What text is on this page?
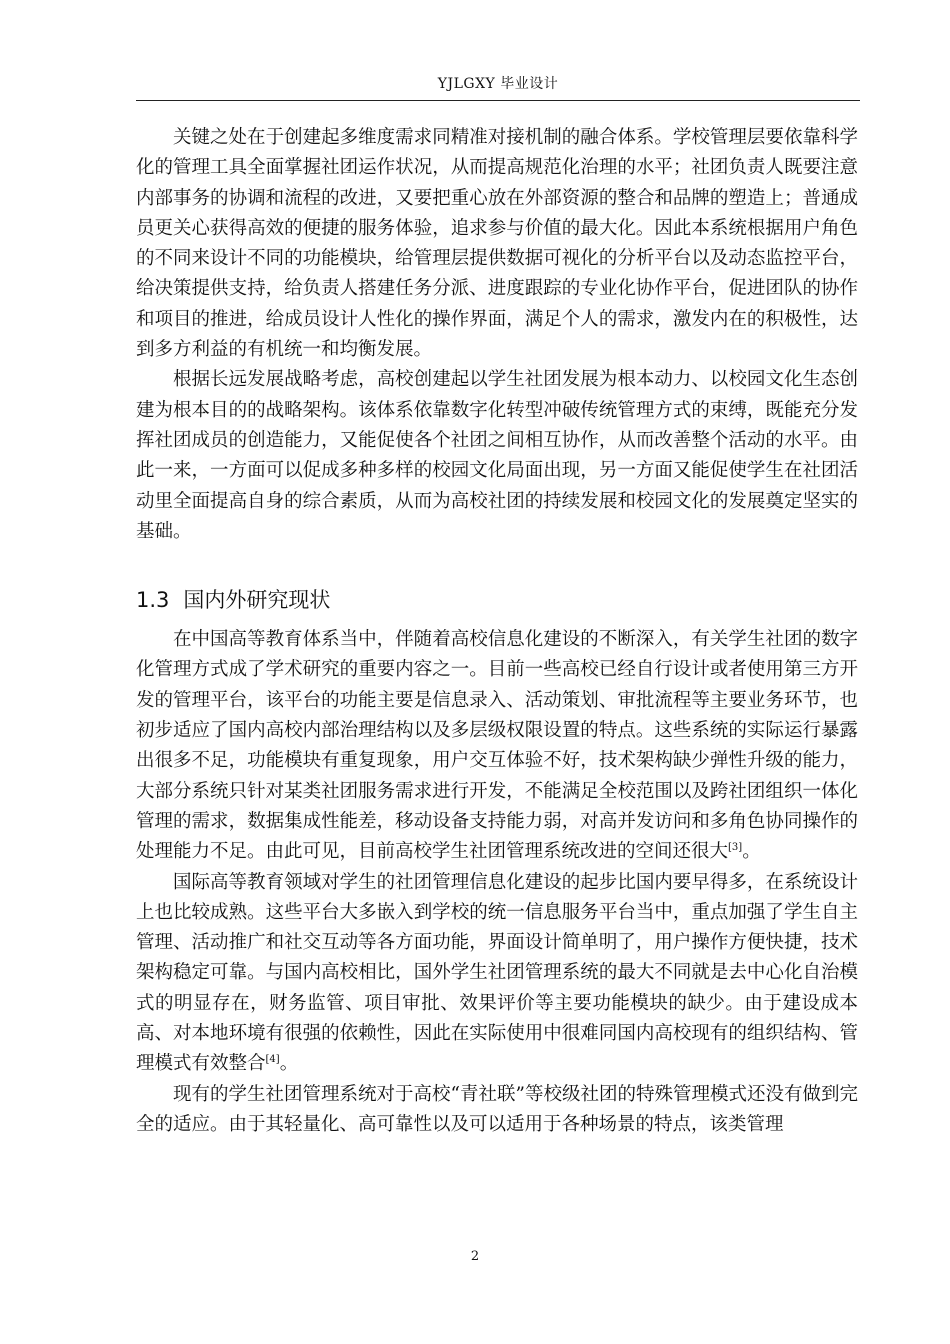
YJLGXY 毕业设计

关键之处在于创建起多维度需求同精准对接机制的融合体系。学校管理层要依靠科学化的管理工具全面掌握社团运作状况，从而提高规范化治理的水平；社团负责人既要注意内部事务的协调和流程的改进，又要把重心放在外部资源的整合和品牌的塑造上；普通成员更关心获得高效的便捷的服务体验，追求参与价值的最大化。因此本系统根据用户角色的不同来设计不同的功能模块，给管理层提供数据可视化的分析平台以及动态监控平台，给决策提供支持，给负责人搭建任务分派、进度跟踪的专业化协作平台，促进团队的协作和项目的推进，给成员设计人性化的操作界面，满足个人的需求，激发内在的积极性，达到多方利益的有机统一和均衡发展。

根据长远发展战略考虑，高校创建起以学生社团发展为根本动力、以校园文化生态创建为根本目的的战略架构。该体系依靠数字化转型冲破传统管理方式的束缚，既能充分发挥社团成员的创造能力，又能促使各个社团之间相互协作，从而改善整个活动的水平。由此一来，一方面可以促成多种多样的校园文化局面出现，另一方面又能促使学生在社团活动里全面提高自身的综合素质，从而为高校社团的持续发展和校园文化的发展奠定坚实的基础。

1.3 国内外研究现状

在中国高等教育体系当中，伴随着高校信息化建设的不断深入，有关学生社团的数字化管理方式成了学术研究的重要内容之一。目前一些高校已经自行设计或者使用第三方开发的管理平台，该平台的功能主要是信息录入、活动策划、审批流程等主要业务环节，也初步适应了国内高校内部治理结构以及多层级权限设置的特点。这些系统的实际运行暴露出很多不足，功能模块有重复现象，用户交互体验不好，技术架构缺少弹性升级的能力，大部分系统只针对某类社团服务需求进行开发，不能满足全校范围以及跨社团组织一体化管理的需求，数据集成性能差，移动设备支持能力弱，对高并发访问和多角色协同操作的处理能力不足。由此可见，目前高校学生社团管理系统改进的空间还很大[3]。

国际高等教育领域对学生的社团管理信息化建设的起步比国内要早得多，在系统设计上也比较成熟。这些平台大多嵌入到学校的统一信息服务平台当中，重点加强了学生自主管理、活动推广和社交互动等各方面功能，界面设计简单明了，用户操作方便快捷，技术架构稳定可靠。与国内高校相比，国外学生社团管理系统的最大不同就是去中心化自治模式的明显存在，财务监管、项目审批、效果评价等主要功能模块的缺少。由于建设成本高、对本地环境有很强的依赖性，因此在实际使用中很难同国内高校现有的组织结构、管理模式有效整合[4]。

现有的学生社团管理系统对于高校“青社联”等校级社团的特殊管理模式还没有做到完全的适应。由于其轻量化、高可靠性以及可以适用于各种场景的特点，该类管理

2
